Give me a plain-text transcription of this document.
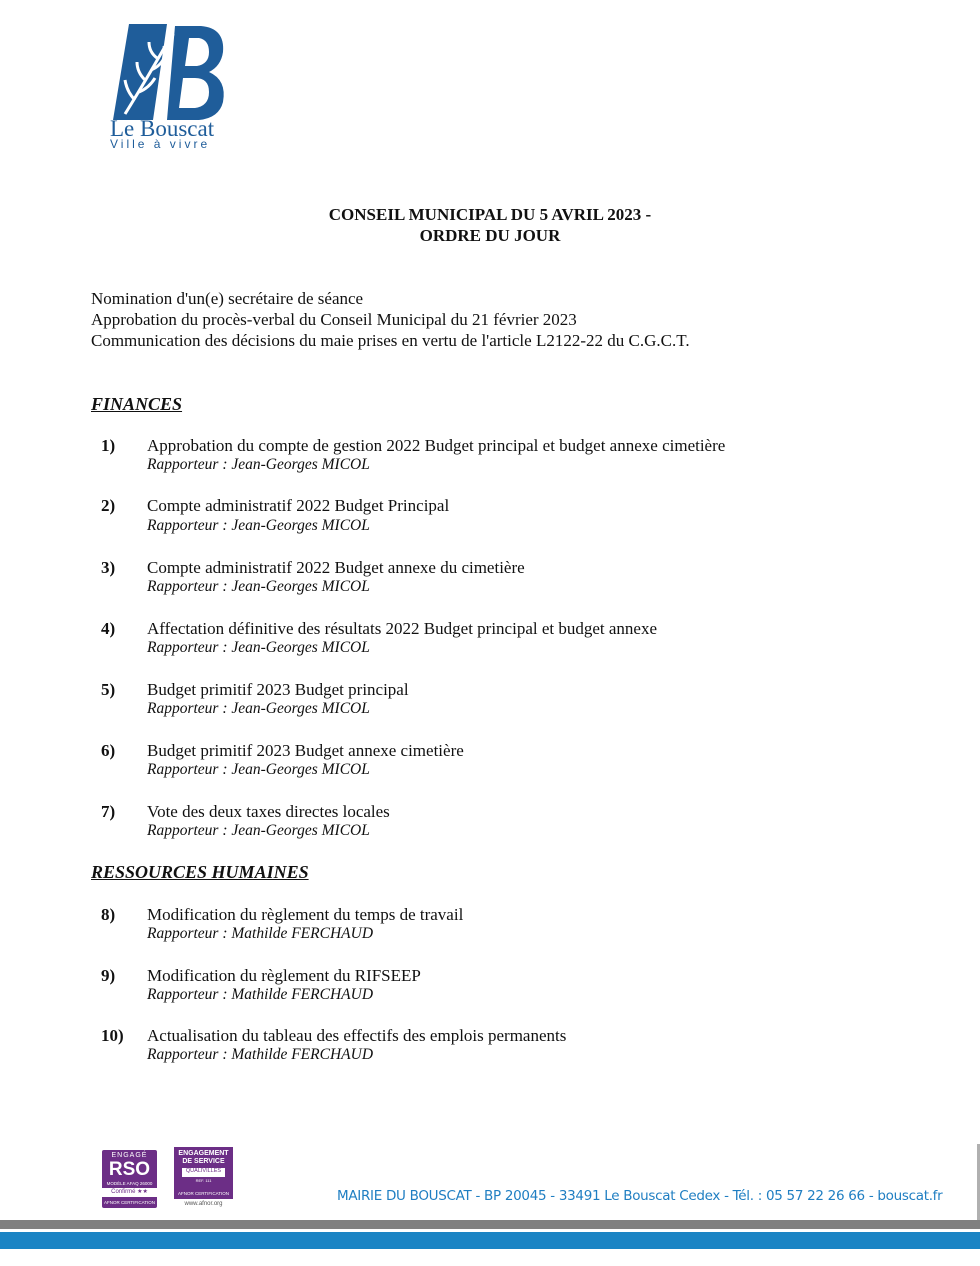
Le Bouscat
Ville à vivre
CONSEIL MUNICIPAL DU 5 AVRIL 2023 -
ORDRE DU JOUR
Nomination d'un(e) secrétaire de séance
Approbation du procès-verbal du Conseil Municipal du 21 février 2023
Communication des décisions du maie prises en vertu de l'article L2122-22 du C.G.C.T.
FINANCES
RESSOURCES HUMAINES
1) Approbation du compte de gestion 2022 Budget principal et budget annexe cimetière
Rapporteur : Jean-Georges MICOL
2) Compte administratif 2022 Budget Principal
Rapporteur : Jean-Georges MICOL
3) Compte administratif 2022 Budget annexe du cimetière
Rapporteur : Jean-Georges MICOL
4) Affectation définitive des résultats 2022 Budget principal et budget annexe
Rapporteur : Jean-Georges MICOL
5) Budget primitif 2023 Budget principal
Rapporteur : Jean-Georges MICOL
6) Budget primitif 2023 Budget annexe cimetière
Rapporteur : Jean-Georges MICOL
7) Vote des deux taxes directes locales
Rapporteur : Jean-Georges MICOL
8) Modification du règlement du temps de travail
Rapporteur : Mathilde FERCHAUD
9) Modification du règlement du RIFSEEP
Rapporteur : Mathilde FERCHAUD
10) Actualisation du tableau des effectifs des emplois permanents
Rapporteur : Mathilde FERCHAUD
ENGAGÉ
RSO
MODÈLE AFAQ 26000
Confirmé ★★
AFNOR CERTIFICATION
ENGAGEMENT
DE SERVICE
QUALIVILLES
REF. 111
AFNOR CERTIFICATION
www.afnor.org	MAIRIE DU BOUSCAT - BP 20045 - 33491 Le Bouscat Cedex - Tél. : 05 57 22 26 66 - bouscat.fr
